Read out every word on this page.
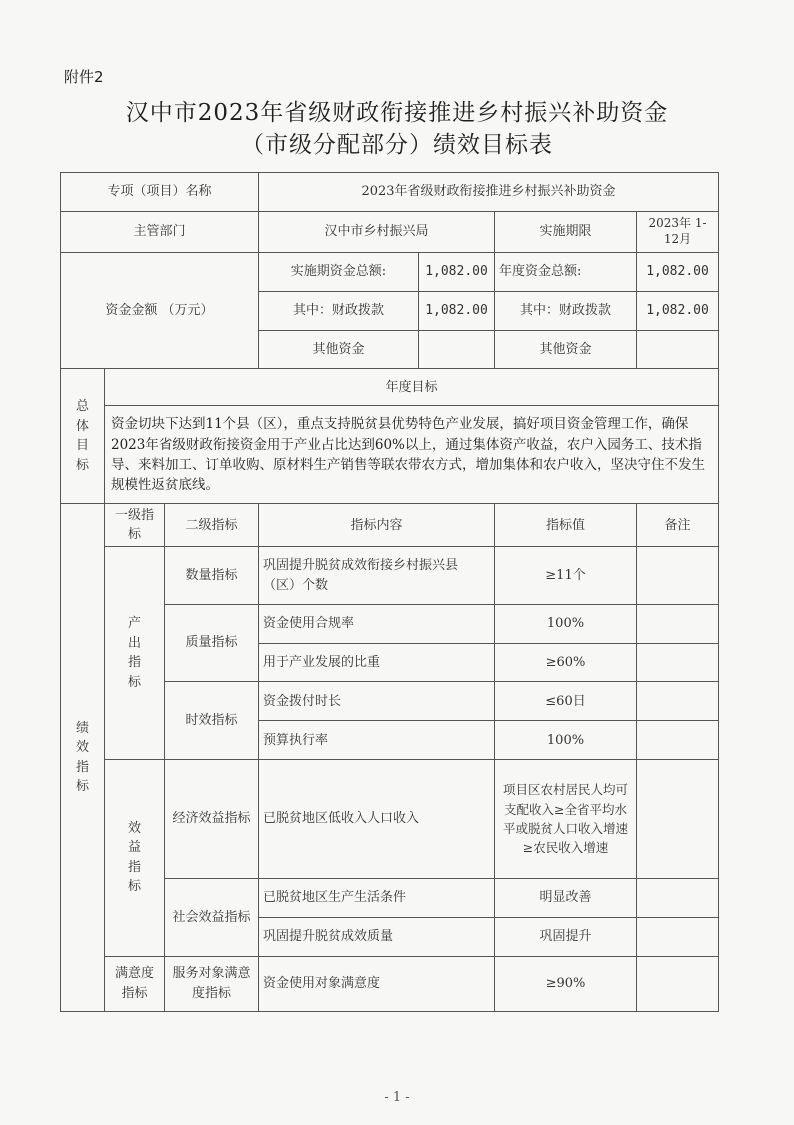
附件2
汉中市2023年省级财政衔接推进乡村振兴补助资金
（市级分配部分）绩效目标表
专项（项目）名称			2023年省级财政衔接推进乡村振兴补助资金			
主管部门			汉中市乡村振兴局		实施期限	2023年 1-12月
资金金额 （万元）			实施期资金总额:	1,082.00	年度资金总额:	1,082.00
			其中：财政拨款	1,082.00	其中：财政拨款	1,082.00
			其他资金		其他资金	

总体目标	年度目标					
	资金切块下达到11个县（区），重点支持脱贫县优势特色产业发展，搞好项目资金管理工作，确保2023年省级财政衔接资金用于产业占比达到60%以上，通过集体资产收益，农户入园务工、技术指导、来料加工、订单收购、原材料生产销售等联农带农方式，增加集体和农户收入，坚决守住不发生规模性返贫底线。					

绩效指标	一级指标	二级指标	指标内容		指标值	备注

	产出指标	数量指标	巩固提升脱贫成效衔接乡村振兴县（区）个数		≥11个	
		质量指标	资金使用合规率		100%	
			用于产业发展的比重		≥60%	
		时效指标	资金拨付时长		≤60日	
			预算执行率		100%	

	效益指标	经济效益指标	已脱贫地区低收入人口收入		项目区农村居民人均可支配收入≥全省平均水平或脱贫人口收入增速≥农民收入增速	
		社会效益指标	已脱贫地区生产生活条件		明显改善	
			巩固提升脱贫成效质量		巩固提升	
	满意度指标	服务对象满意度指标	资金使用对象满意度		≥90%	
- 1 -
